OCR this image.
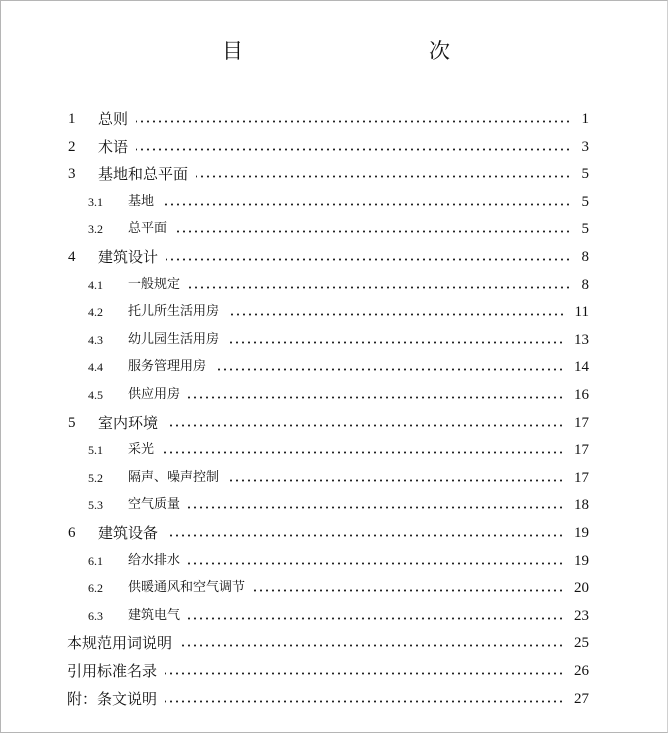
目　　次
1 总则	1
2 术语	3
3 基地和总平面	5
3.1 基地	5
3.2 总平面	5
4 建筑设计	8
4.1 一般规定	8
4.2 托儿所生活用房	11
4.3 幼儿园生活用房	13
4.4 服务管理用房	14
4.5 供应用房	16
5 室内环境	17
5.1 采光	17
5.2 隔声、噪声控制	17
5.3 空气质量	18
6 建筑设备	19
6.1 给水排水	19
6.2 供暖通风和空气调节	20
6.3 建筑电气	23
本规范用词说明	25
引用标准名录	26
附：条文说明	27
